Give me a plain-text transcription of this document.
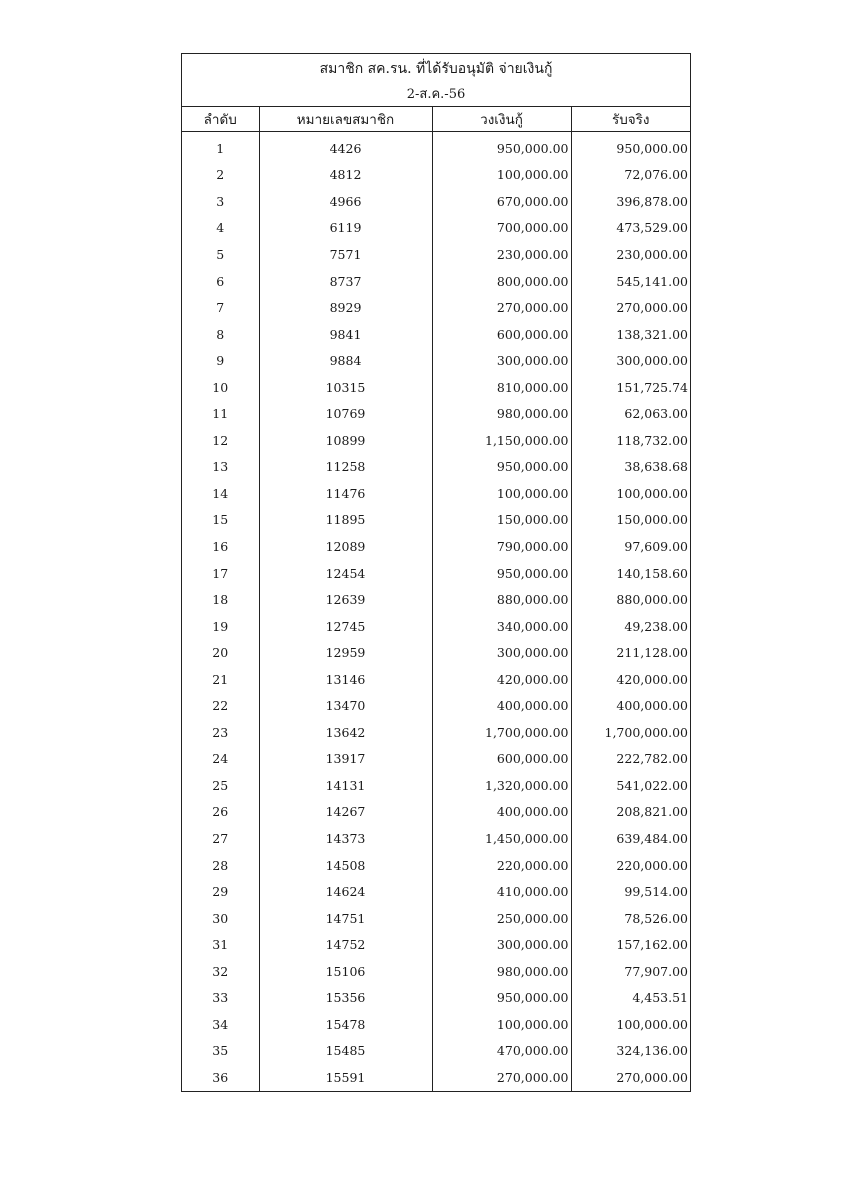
สมาชิก สค.รน. ที่ได้รับอนุมัติ จ่ายเงินกู้
2-ส.ค.-56
ลำดับ	หมายเลขสมาชิก	วงเงินกู้	รับจริง
1	4426	950,000.00	950,000.00
2	4812	100,000.00	72,076.00
3	4966	670,000.00	396,878.00
4	6119	700,000.00	473,529.00
5	7571	230,000.00	230,000.00
6	8737	800,000.00	545,141.00
7	8929	270,000.00	270,000.00
8	9841	600,000.00	138,321.00
9	9884	300,000.00	300,000.00
10	10315	810,000.00	151,725.74
11	10769	980,000.00	62,063.00
12	10899	1,150,000.00	118,732.00
13	11258	950,000.00	38,638.68
14	11476	100,000.00	100,000.00
15	11895	150,000.00	150,000.00
16	12089	790,000.00	97,609.00
17	12454	950,000.00	140,158.60
18	12639	880,000.00	880,000.00
19	12745	340,000.00	49,238.00
20	12959	300,000.00	211,128.00
21	13146	420,000.00	420,000.00
22	13470	400,000.00	400,000.00
23	13642	1,700,000.00	1,700,000.00
24	13917	600,000.00	222,782.00
25	14131	1,320,000.00	541,022.00
26	14267	400,000.00	208,821.00
27	14373	1,450,000.00	639,484.00
28	14508	220,000.00	220,000.00
29	14624	410,000.00	99,514.00
30	14751	250,000.00	78,526.00
31	14752	300,000.00	157,162.00
32	15106	980,000.00	77,907.00
33	15356	950,000.00	4,453.51
34	15478	100,000.00	100,000.00
35	15485	470,000.00	324,136.00
36	15591	270,000.00	270,000.00
